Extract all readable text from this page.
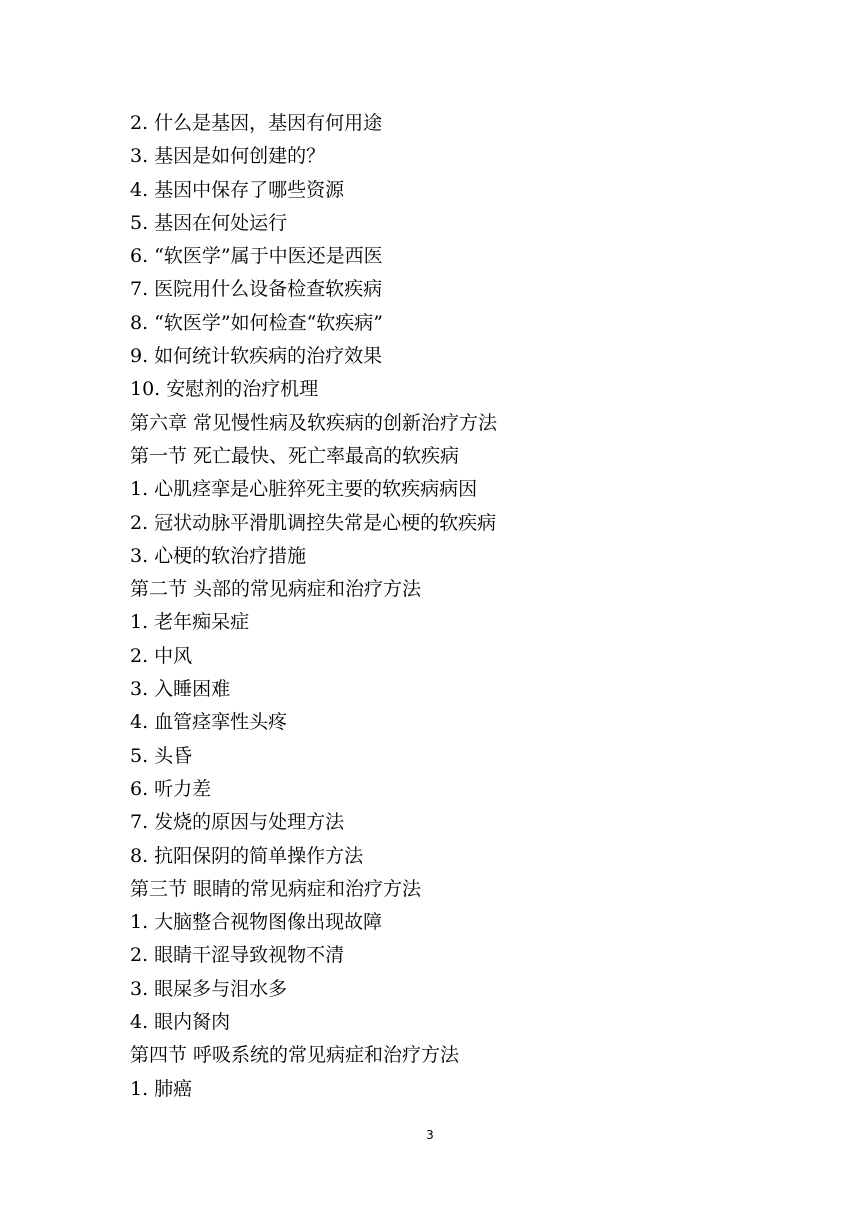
2. 什么是基因，基因有何用途
3. 基因是如何创建的？
4. 基因中保存了哪些资源
5. 基因在何处运行
6. “软医学”属于中医还是西医
7. 医院用什么设备检查软疾病
8. “软医学”如何检查“软疾病”
9. 如何统计软疾病的治疗效果
10. 安慰剂的治疗机理
第六章 常见慢性病及软疾病的创新治疗方法
第一节 死亡最快、死亡率最高的软疾病
1. 心肌痉挛是心脏猝死主要的软疾病病因
2. 冠状动脉平滑肌调控失常是心梗的软疾病
3. 心梗的软治疗措施
第二节 头部的常见病症和治疗方法
1. 老年痴呆症
2. 中风
3. 入睡困难
4. 血管痉挛性头疼
5. 头昏
6. 听力差
7. 发烧的原因与处理方法
8. 抗阳保阴的简单操作方法
第三节 眼睛的常见病症和治疗方法
1. 大脑整合视物图像出现故障
2. 眼睛干涩导致视物不清
3. 眼屎多与泪水多
4. 眼内胬肉
第四节 呼吸系统的常见病症和治疗方法
1. 肺癌
3
